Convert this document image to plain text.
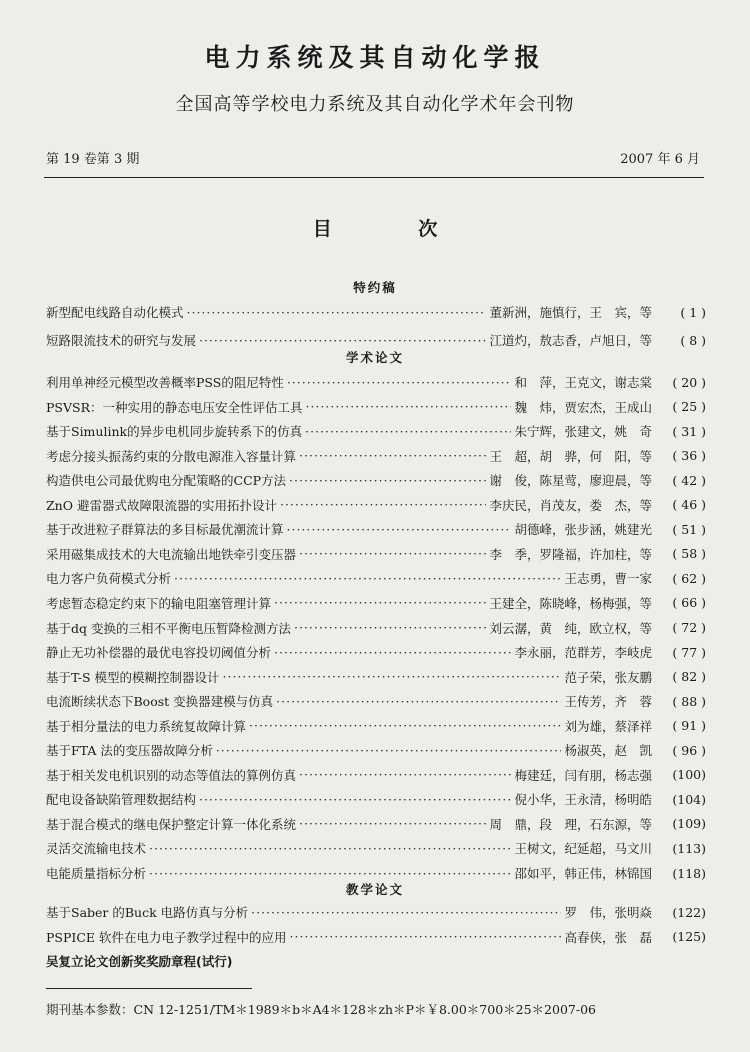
电力系统及其自动化学报
全国高等学校电力系统及其自动化学术年会刊物
第 19 卷第 3 期	2007 年 6 月
目 次
特约稿
新型配电线路自动化模式 ·····	董新洲，施慎行，王　宾，等	( 1 )
短路限流技术的研究与发展 ·····	江道灼，敖志香，卢旭日，等	( 8 )
学术论文
利用单神经元模型改善概率PSS的阻尼特性 ·····	和　萍，王克文，谢志棠	( 20 )
PSVSR：一种实用的静态电压安全性评估工具 ·····	魏　炜，贾宏杰，王成山	( 25 )
基于Simulink的异步电机同步旋转系下的仿真 ·····	朱宁辉，张建文，姚　奇	( 31 )
考虑分接头振荡约束的分散电源准入容量计算 ·····	王　超，胡　骅，何　阳，等	( 36 )
构造供电公司最优购电分配策略的CCP方法 ·····	谢　俊，陈星莺，廖迎晨，等	( 42 )
ZnO 避雷器式故障限流器的实用拓扑设计 ·····	李庆民，肖茂友，娄　杰，等	( 46 )
基于改进粒子群算法的多目标最优潮流计算 ·····	胡德峰，张步涵，姚建光	( 51 )
采用磁集成技术的大电流输出地铁牵引变压器 ·····	李　季，罗隆福，许加柱，等	( 58 )
电力客户负荷模式分析 ·····	王志勇，曹一家	( 62 )
考虑暂态稳定约束下的输电阻塞管理计算 ·····	王建全，陈晓峰，杨梅强，等	( 66 )
基于dq 变换的三相不平衡电压暂降检测方法 ·····	刘云潺，黄　纯，欧立权，等	( 72 )
静止无功补偿器的最优电容投切阈值分析 ·····	李永丽，范群芳，李岐虎	( 77 )
基于T-S 模型的模糊控制器设计 ·····	范子荣，张友鹏	( 82 )
电流断续状态下Boost 变换器建模与仿真 ·····	王传芳，齐　蓉	( 88 )
基于相分量法的电力系统复故障计算 ·····	刘为雄，蔡泽祥	( 91 )
基于FTA 法的变压器故障分析 ·····	杨淑英，赵　凯	( 96 )
基于相关发电机识别的动态等值法的算例仿真 ·····	梅建廷，闫有朋，杨志强	(100)
配电设备缺陷管理数据结构 ·····	倪小华，王永清，杨明皓	(104)
基于混合模式的继电保护整定计算一体化系统 ·····	周　鼎，段　理，石东源，等	(109)
灵活交流输电技术 ·····	王树文，纪延超，马文川	(113)
电能质量指标分析 ·····	邵如平，韩正伟，林锦国	(118)
教学论文
基于Saber 的Buck 电路仿真与分析 ·····	罗　伟，张明焱	(122)
PSPICE 软件在电力电子教学过程中的应用 ·····	高春侠，张　磊	(125)
吴复立论文创新奖奖励章程(试行)
期刊基本参数：CN 12-1251/TM＊1989＊b＊A4＊128＊zh＊P＊￥8.00＊700＊25＊2007-06
